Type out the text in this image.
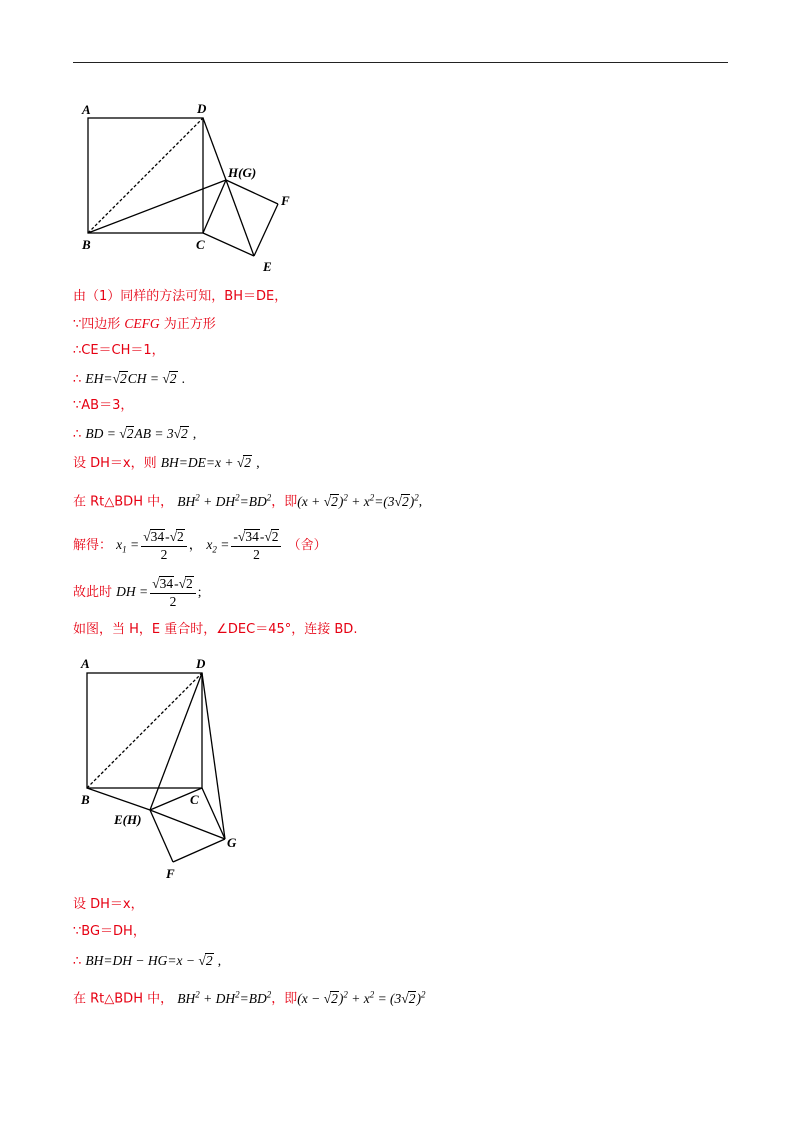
A	D
H(G)
F
B	C
E
由（1）同样的方法可知，BH＝DE，
∵四边形 CEFG 为正方形
∴CE＝CH＝1，
∴ EH=√2CH = √2 .
∵AB＝3，
∴ BD = √2AB = 3√2 ,
设 DH＝x，则 BH=DE=x + √2 ,
在 Rt△BDH 中， $BH^2 + DH^2=BD^2$，即$(x + √2)^2 + x^2=(3√2)^2$,
解得： $x_1 = \frac{√34-√2}{2}$ ， $x_2 = \frac{-√34-√2}{2}$ （舍）
故此时 DH = $\frac{√34-√2}{2}$ ;
如图，当 H，E 重合时，∠DEC＝45°，连接 BD.
A	D
B	C
E(H)
G
F
设 DH＝x，
∵BG＝DH，
∴ BH=DH − HG=x − √2 ,
在 Rt△BDH 中， $BH^2 + DH^2=BD^2$，即$(x - √2)^2 + x^2 = (3√2)^2$
